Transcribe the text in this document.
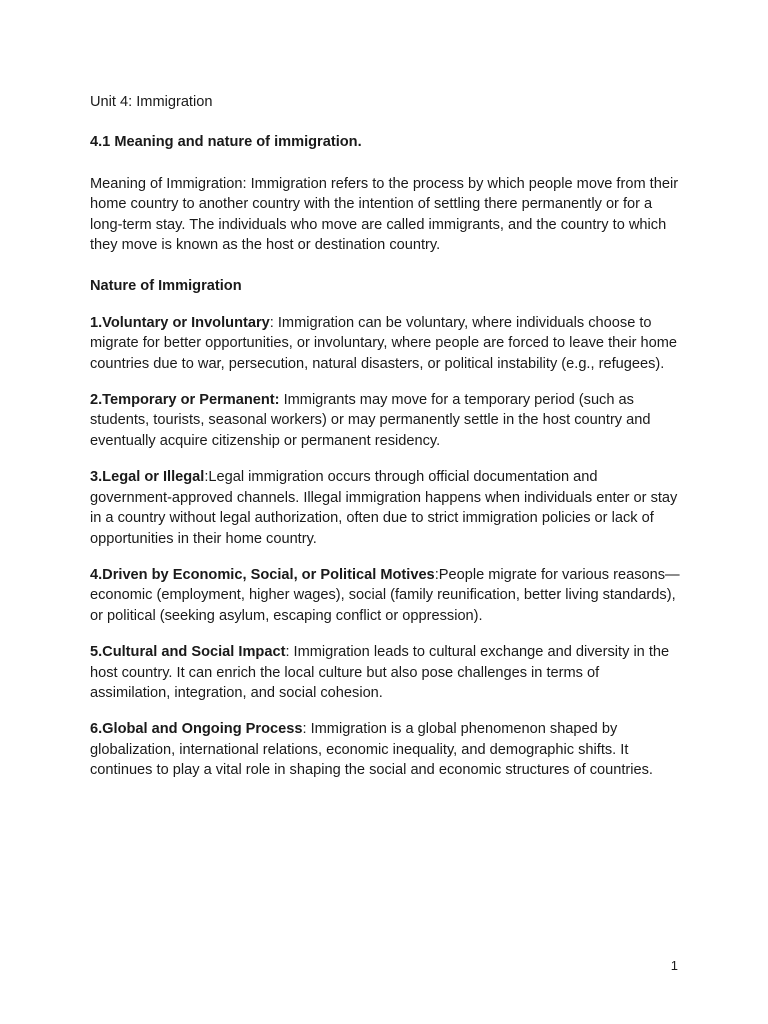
Unit 4: Immigration

4.1 Meaning and nature of immigration.

Meaning of Immigration: Immigration refers to the process by which people move from their home country to another country with the intention of settling there permanently or for a long-term stay. The individuals who move are called immigrants, and the country to which they move is known as the host or destination country.

Nature of Immigration

1.Voluntary or Involuntary: Immigration can be voluntary, where individuals choose to migrate for better opportunities, or involuntary, where people are forced to leave their home countries due to war, persecution, natural disasters, or political instability (e.g., refugees).

2.Temporary or Permanent: Immigrants may move for a temporary period (such as students, tourists, seasonal workers) or may permanently settle in the host country and eventually acquire citizenship or permanent residency.

3.Legal or Illegal:Legal immigration occurs through official documentation and government-approved channels. Illegal immigration happens when individuals enter or stay in a country without legal authorization, often due to strict immigration policies or lack of opportunities in their home country.

4.Driven by Economic, Social, or Political Motives:People migrate for various reasons—economic (employment, higher wages), social (family reunification, better living standards), or political (seeking asylum, escaping conflict or oppression).

5.Cultural and Social Impact: Immigration leads to cultural exchange and diversity in the host country. It can enrich the local culture but also pose challenges in terms of assimilation, integration, and social cohesion.

6.Global and Ongoing Process: Immigration is a global phenomenon shaped by globalization, international relations, economic inequality, and demographic shifts. It continues to play a vital role in shaping the social and economic structures of countries.

1
